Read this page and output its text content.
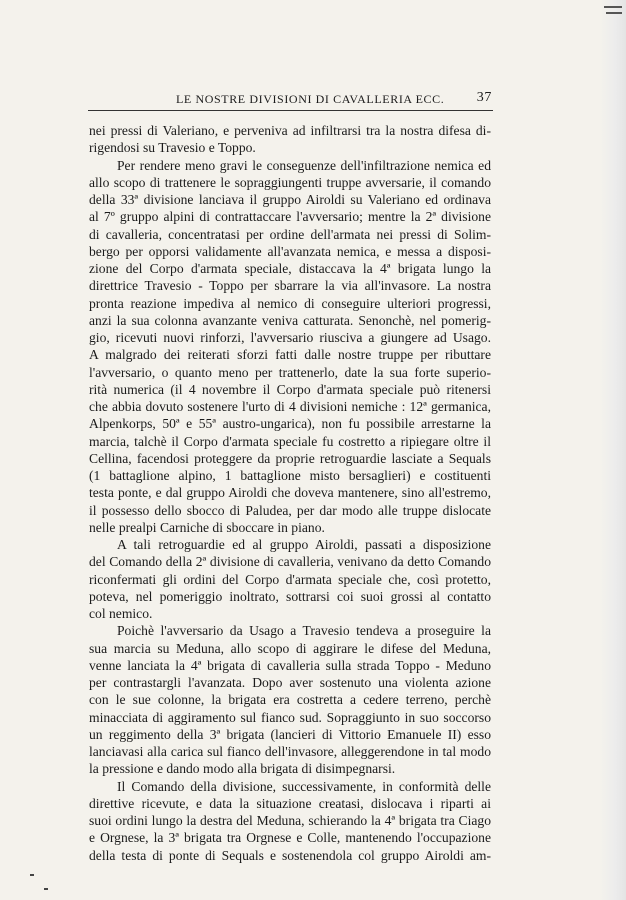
LE NOSTRE DIVISIONI DI CAVALLERIA ECC. 37
nei pressi di Valeriano, e perveniva ad infiltrarsi tra la nostra difesa di-
rigendosi su Travesio e Toppo.
Per rendere meno gravi le conseguenze dell'infiltrazione nemica ed
allo scopo di trattenere le sopraggiungenti truppe avversarie, il comando
della 33ª divisione lanciava il gruppo Airoldi su Valeriano ed ordinava
al 7º gruppo alpini di contrattaccare l'avversario; mentre la 2ª divisione
di cavalleria, concentratasi per ordine dell'armata nei pressi di Solim-
bergo per opporsi validamente all'avanzata nemica, e messa a disposi-
zione del Corpo d'armata speciale, distaccava la 4ª brigata lungo la
direttrice Travesio - Toppo per sbarrare la via all'invasore. La nostra
pronta reazione impediva al nemico di conseguire ulteriori progressi,
anzi la sua colonna avanzante veniva catturata. Senonchè, nel pomerig-
gio, ricevuti nuovi rinforzi, l'avversario riusciva a giungere ad Usago.
A malgrado dei reiterati sforzi fatti dalle nostre truppe per ributtare
l'avversario, o quanto meno per trattenerlo, date la sua forte superio-
rità numerica (il 4 novembre il Corpo d'armata speciale può ritenersi
che abbia dovuto sostenere l'urto di 4 divisioni nemiche : 12ª germanica,
Alpenkorps, 50ª e 55ª austro-ungarica), non fu possibile arrestarne la
marcia, talchè il Corpo d'armata speciale fu costretto a ripiegare oltre il
Cellina, facendosi proteggere da proprie retroguardie lasciate a Sequals
(1 battaglione alpino, 1 battaglione misto bersaglieri) e costituenti
testa ponte, e dal gruppo Airoldi che doveva mantenere, sino all'estremo,
il possesso dello sbocco di Paludea, per dar modo alle truppe dislocate
nelle prealpi Carniche di sboccare in piano.
A tali retroguardie ed al gruppo Airoldi, passati a disposizione
del Comando della 2ª divisione di cavalleria, venivano da detto Comando
riconfermati gli ordini del Corpo d'armata speciale che, così protetto,
poteva, nel pomeriggio inoltrato, sottrarsi coi suoi grossi al contatto
col nemico.
Poichè l'avversario da Usago a Travesio tendeva a proseguire la
sua marcia su Meduna, allo scopo di aggirare le difese del Meduna,
venne lanciata la 4ª brigata di cavalleria sulla strada Toppo - Meduno
per contrastargli l'avanzata. Dopo aver sostenuto una violenta azione
con le sue colonne, la brigata era costretta a cedere terreno, perchè
minacciata di aggiramento sul fianco sud. Sopraggiunto in suo soccorso
un reggimento della 3ª brigata (lancieri di Vittorio Emanuele II) esso
lanciavasi alla carica sul fianco dell'invasore, alleggerendone in tal modo
la pressione e dando modo alla brigata di disimpegnarsi.
Il Comando della divisione, successivamente, in conformità delle
direttive ricevute, e data la situazione creatasi, dislocava i riparti ai
suoi ordini lungo la destra del Meduna, schierando la 4ª brigata tra Ciago
e Orgnese, la 3ª brigata tra Orgnese e Colle, mantenendo l'occupazione
della testa di ponte di Sequals e sostenendola col gruppo Airoldi am-
